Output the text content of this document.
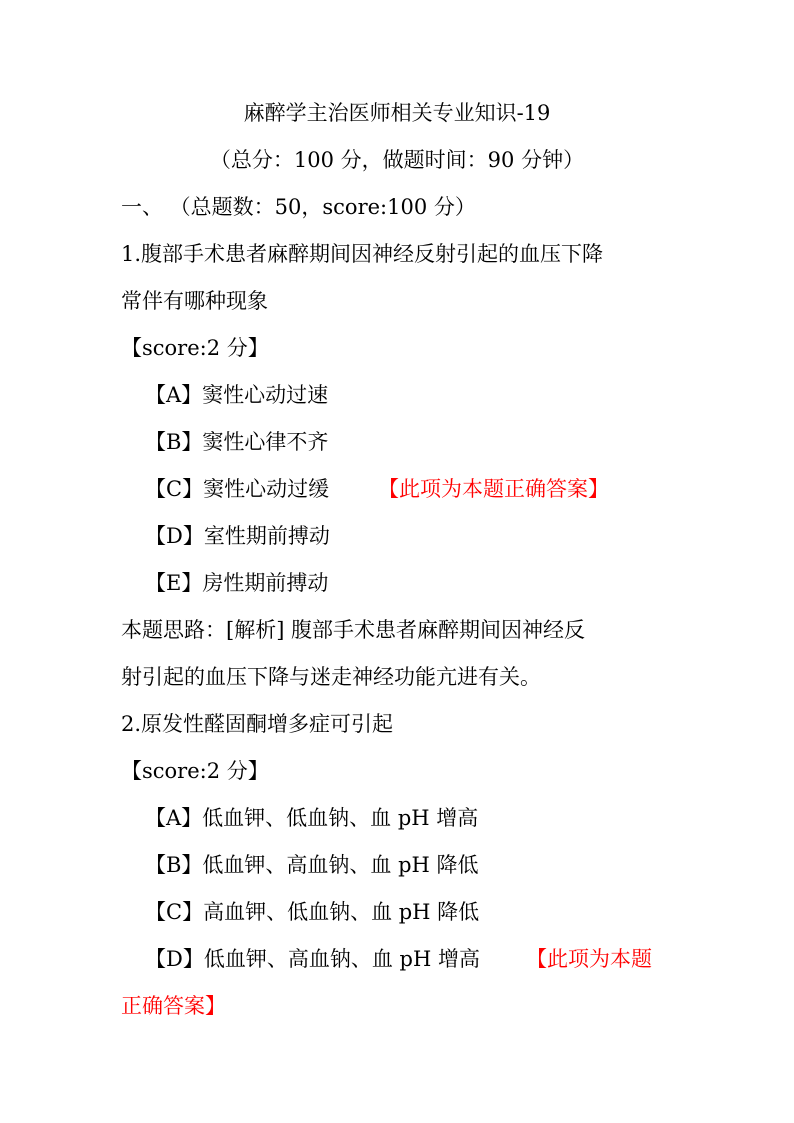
麻醉学主治医师相关专业知识-19
（总分：100 分，做题时间：90 分钟）
一、 （总题数：50，score:100 分）
1.腹部手术患者麻醉期间因神经反射引起的血压下降
常伴有哪种现象
【score:2 分】
【A】窦性心动过速
【B】窦性心律不齐
【C】窦性心动过缓 【此项为本题正确答案】
【D】室性期前搏动
【E】房性期前搏动
本题思路：[解析] 腹部手术患者麻醉期间因神经反
射引起的血压下降与迷走神经功能亢进有关。
2.原发性醛固酮增多症可引起
【score:2 分】
【A】低血钾、低血钠、血 pH 增高
【B】低血钾、高血钠、血 pH 降低
【C】高血钾、低血钠、血 pH 降低
【D】低血钾、高血钠、血 pH 增高 【此项为本题
正确答案】
